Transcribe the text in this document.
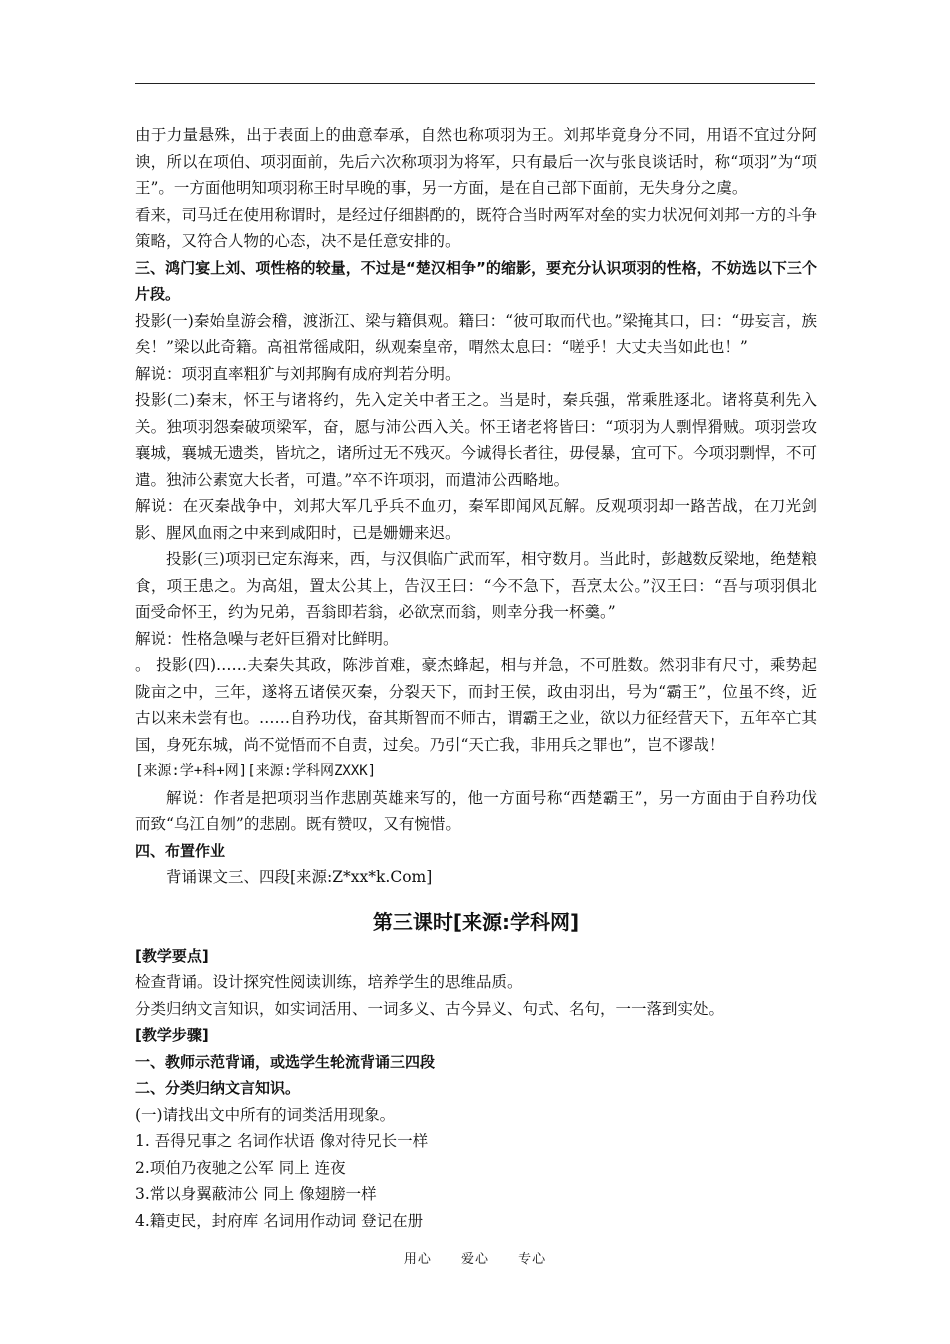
由于力量悬殊，出于表面上的曲意奉承，自然也称项羽为王。刘邦毕竟身分不同，用语不宜过分阿谀，所以在项伯、项羽面前，先后六次称项羽为将军，只有最后一次与张良谈话时，称“项羽”为“项王”。一方面他明知项羽称王时早晚的事，另一方面，是在自己部下面前，无失身分之虞。

看来，司马迁在使用称谓时，是经过仔细斟酌的，既符合当时两军对垒的实力状况何刘邦一方的斗争策略，又符合人物的心态，决不是任意安排的。

三、鸿门宴上刘、项性格的较量，不过是“楚汉相争”的缩影，要充分认识项羽的性格，不妨选以下三个片段。

投影(一)秦始皇游会稽，渡浙江、梁与籍俱观。籍曰：“彼可取而代也。”梁掩其口，曰：“毋妄言，族矣！”梁以此奇籍。高祖常徭咸阳，纵观秦皇帝，喟然太息曰：“嗟乎！大丈夫当如此也！”

解说：项羽直率粗犷与刘邦胸有成府判若分明。

投影(二)秦末，怀王与诸将约，先入定关中者王之。当是时，秦兵强，常乘胜逐北。诸将莫利先入关。独项羽怨秦破项梁军，奋，愿与沛公西入关。怀王诸老将皆曰：“项羽为人剽悍猾贼。项羽尝攻襄城，襄城无遗类，皆坑之，诸所过无不残灭。今诚得长者往，毋侵暴，宜可下。今项羽剽悍，不可遣。独沛公素宽大长者，可遣。”卒不许项羽，而遣沛公西略地。

解说：在灭秦战争中，刘邦大军几乎兵不血刃，秦军即闻风瓦解。反观项羽却一路苦战，在刀光剑影、腥风血雨之中来到咸阳时，已是姗姗来迟。

投影(三)项羽已定东海来，西，与汉俱临广武而军，相守数月。当此时，彭越数反梁地，绝楚粮食，项王患之。为高俎，置太公其上，告汉王曰：“今不急下，吾烹太公。”汉王曰：“吾与项羽俱北面受命怀王，约为兄弟，吾翁即若翁，必欲烹而翁，则幸分我一杯羹。”

解说：性格急噪与老奸巨猾对比鲜明。

。 投影(四)……夫秦失其政，陈涉首难，豪杰蜂起，相与并急，不可胜数。然羽非有尺寸，乘势起陇亩之中，三年，遂将五诸侯灭秦，分裂天下，而封王侯，政由羽出，号为“霸王”，位虽不终，近古以来未尝有也。……自矜功伐，奋其斯智而不师古，谓霸王之业，欲以力征经营天下，五年卒亡其国，身死东城，尚不觉悟而不自责，过矣。乃引“天亡我，非用兵之罪也”，岂不谬哉！

[来源:学+科+网][来源:学科网ZXXK]

解说：作者是把项羽当作悲剧英雄来写的，他一方面号称“西楚霸王”，另一方面由于自矜功伐而致“乌江自刎”的悲剧。既有赞叹，又有惋惜。

四、布置作业

背诵课文三、四段[来源:Z*xx*k.Com]

第三课时[来源:学科网]

[教学要点]

检查背诵。设计探究性阅读训练，培养学生的思维品质。

分类归纳文言知识，如实词活用、一词多义、古今异义、句式、名句，一一落到实处。

[教学步骤]

一、教师示范背诵，或选学生轮流背诵三四段

二、分类归纳文言知识。

(一)请找出文中所有的词类活用现象。

1. 吾得兄事之 名词作状语 像对待兄长一样

2.项伯乃夜驰之公军 同上 连夜

3.常以身翼蔽沛公 同上 像翅膀一样

4.籍吏民，封府库 名词用作动词 登记在册

用心 爱心 专心
